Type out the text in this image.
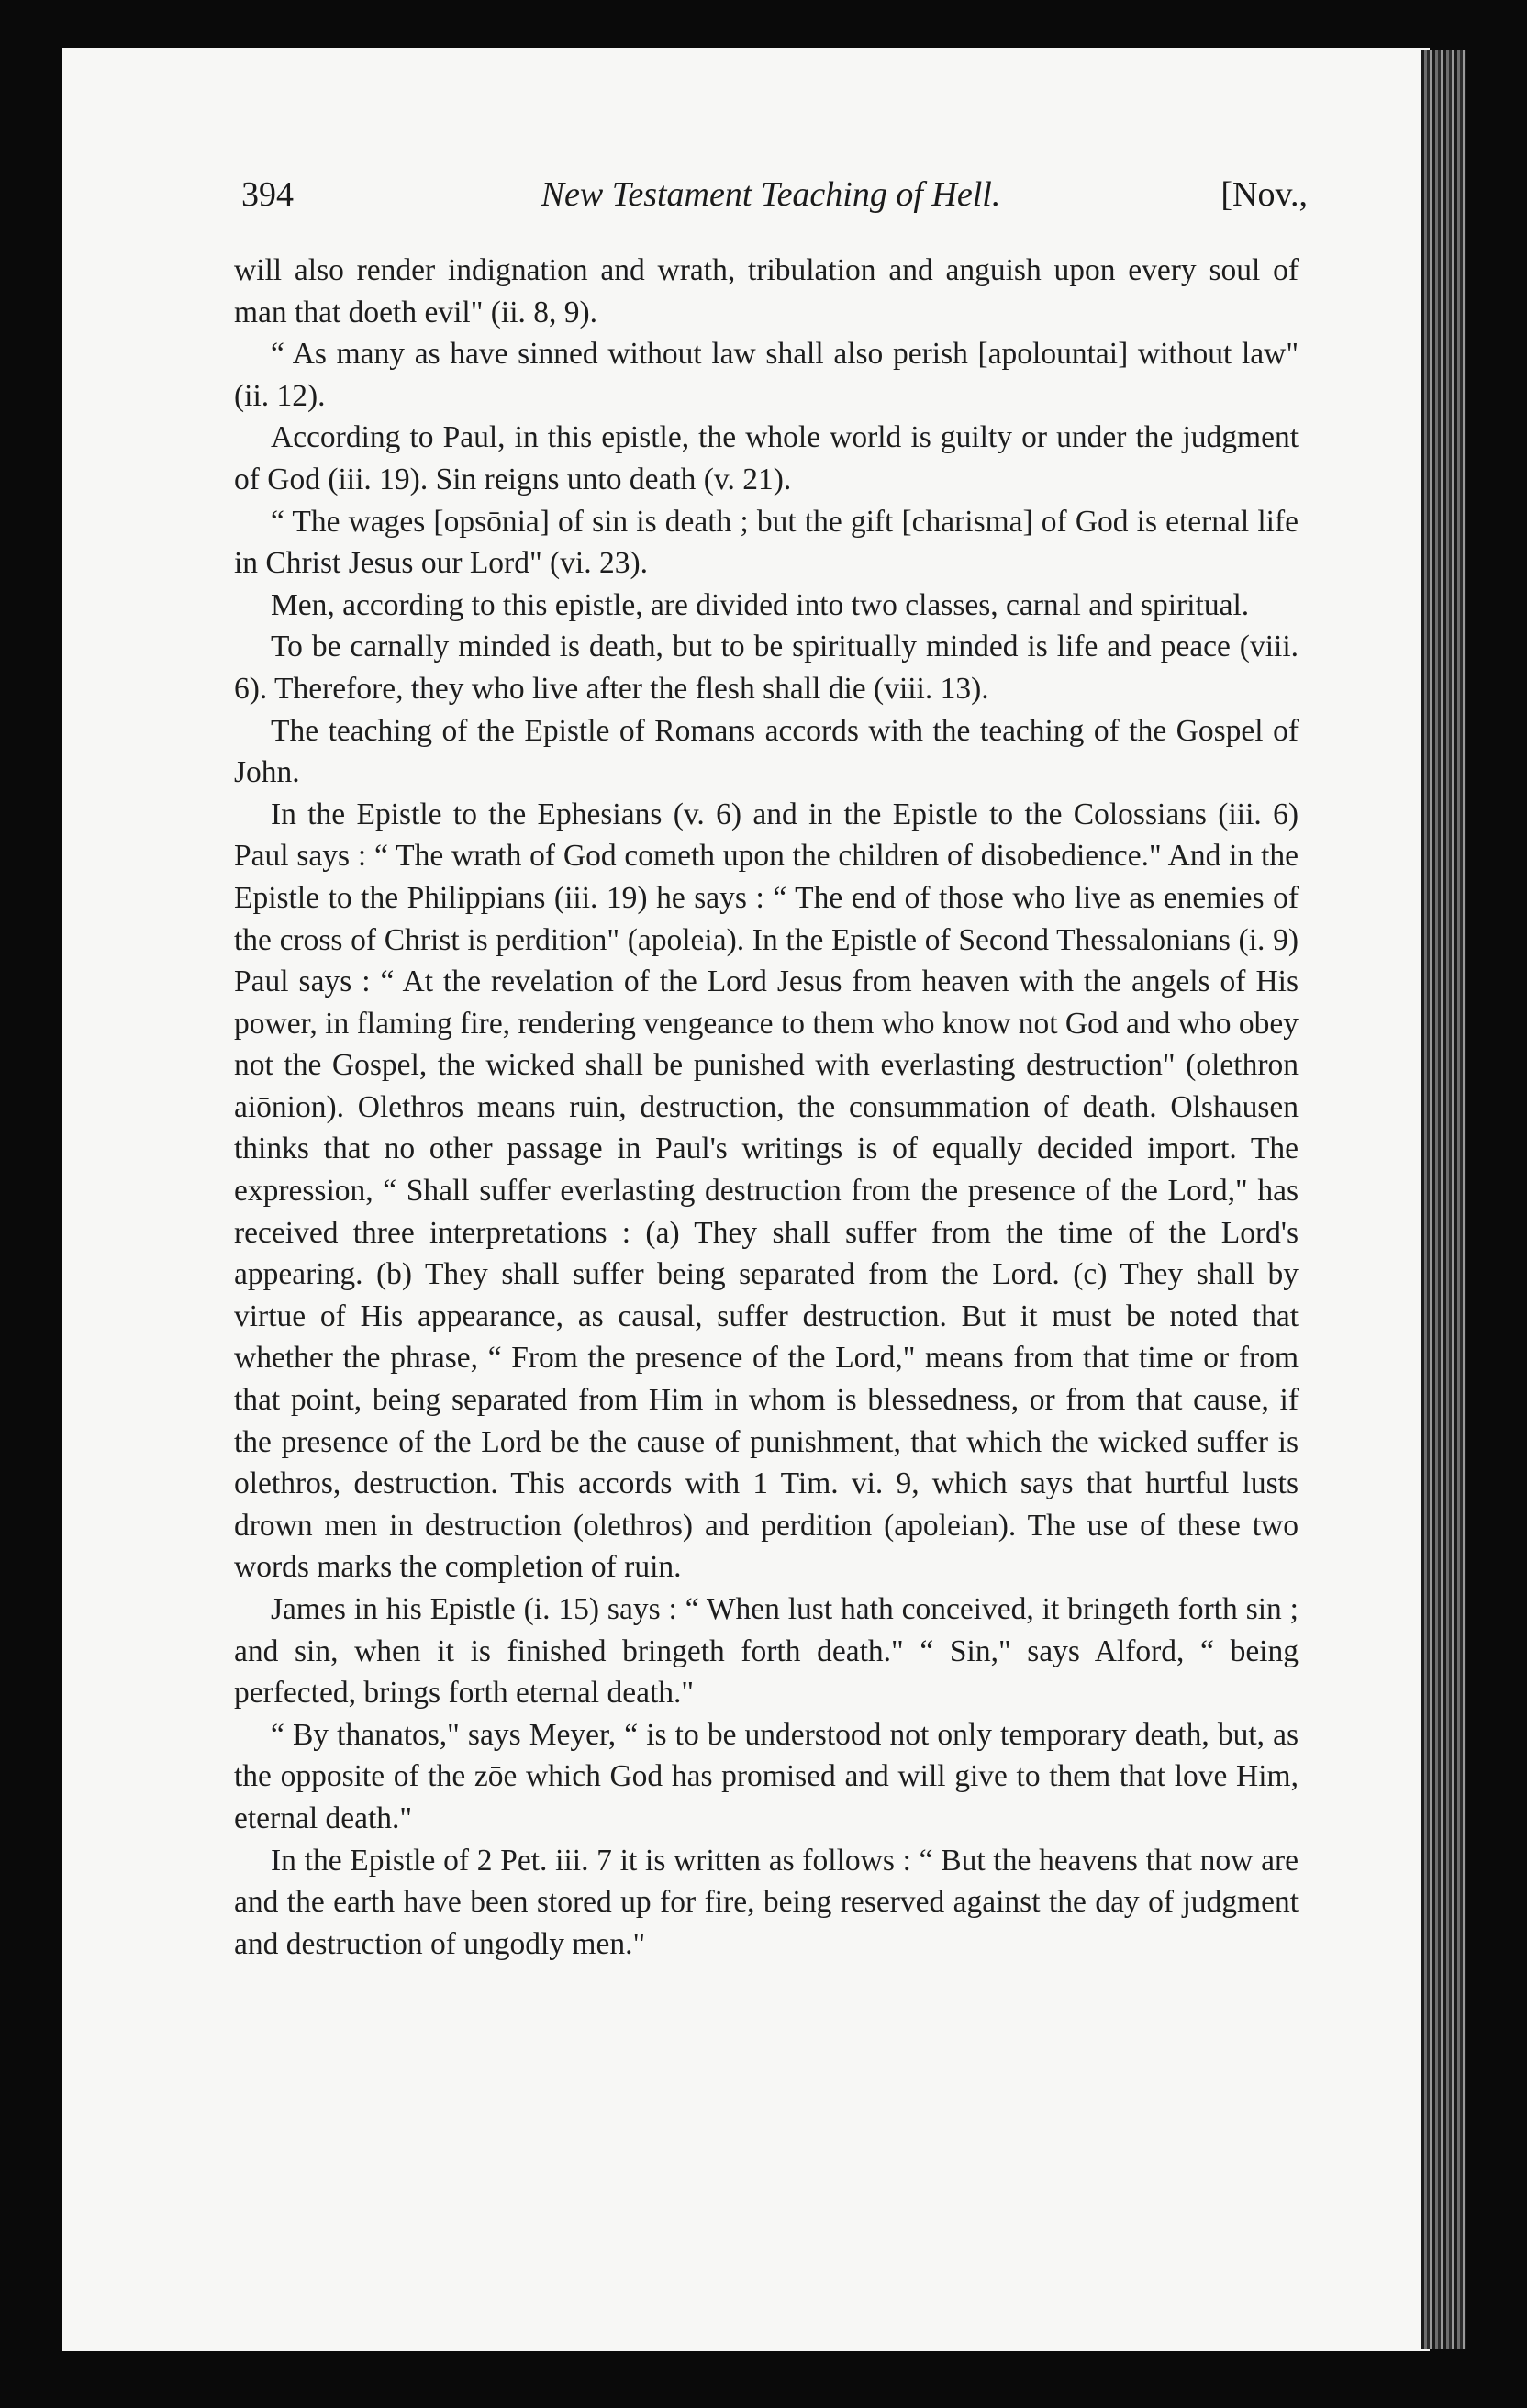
394	New Testament Teaching of Hell.	[Nov.,

will also render indignation and wrath, tribulation and anguish upon every soul of man that doeth evil" (ii. 8, 9).

“ As many as have sinned without law shall also perish [apolountai] without law" (ii. 12).

According to Paul, in this epistle, the whole world is guilty or under the judgment of God (iii. 19). Sin reigns unto death (v. 21).

“ The wages [opsōnia] of sin is death ; but the gift [charisma] of God is eternal life in Christ Jesus our Lord" (vi. 23).

Men, according to this epistle, are divided into two classes, carnal and spiritual.

To be carnally minded is death, but to be spiritually minded is life and peace (viii. 6). Therefore, they who live after the flesh shall die (viii. 13).

The teaching of the Epistle of Romans accords with the teaching of the Gospel of John.

In the Epistle to the Ephesians (v. 6) and in the Epistle to the Colossians (iii. 6) Paul says : “ The wrath of God cometh upon the children of disobedience." And in the Epistle to the Philippians (iii. 19) he says : “ The end of those who live as enemies of the cross of Christ is perdition" (apoleia). In the Epistle of Second Thessalonians (i. 9) Paul says : “ At the revelation of the Lord Jesus from heaven with the angels of His power, in flaming fire, rendering vengeance to them who know not God and who obey not the Gospel, the wicked shall be punished with everlasting destruction" (olethron aiōnion). Olethros means ruin, destruction, the consummation of death. Olshausen thinks that no other passage in Paul's writings is of equally decided import. The expression, “ Shall suffer everlasting destruction from the presence of the Lord," has received three interpretations : (a) They shall suffer from the time of the Lord's appearing. (b) They shall suffer being separated from the Lord. (c) They shall by virtue of His appearance, as causal, suffer destruction. But it must be noted that whether the phrase, “ From the presence of the Lord," means from that time or from that point, being separated from Him in whom is blessedness, or from that cause, if the presence of the Lord be the cause of punishment, that which the wicked suffer is olethros, destruction. This accords with 1 Tim. vi. 9, which says that hurtful lusts drown men in destruction (olethros) and perdition (apoleian). The use of these two words marks the completion of ruin.

James in his Epistle (i. 15) says : “ When lust hath conceived, it bringeth forth sin ; and sin, when it is finished bringeth forth death." “ Sin," says Alford, “ being perfected, brings forth eternal death."

“ By thanatos," says Meyer, “ is to be understood not only temporary death, but, as the opposite of the zōe which God has promised and will give to them that love Him, eternal death."

In the Epistle of 2 Pet. iii. 7 it is written as follows : “ But the heavens that now are and the earth have been stored up for fire, being reserved against the day of judgment and destruction of ungodly men."
